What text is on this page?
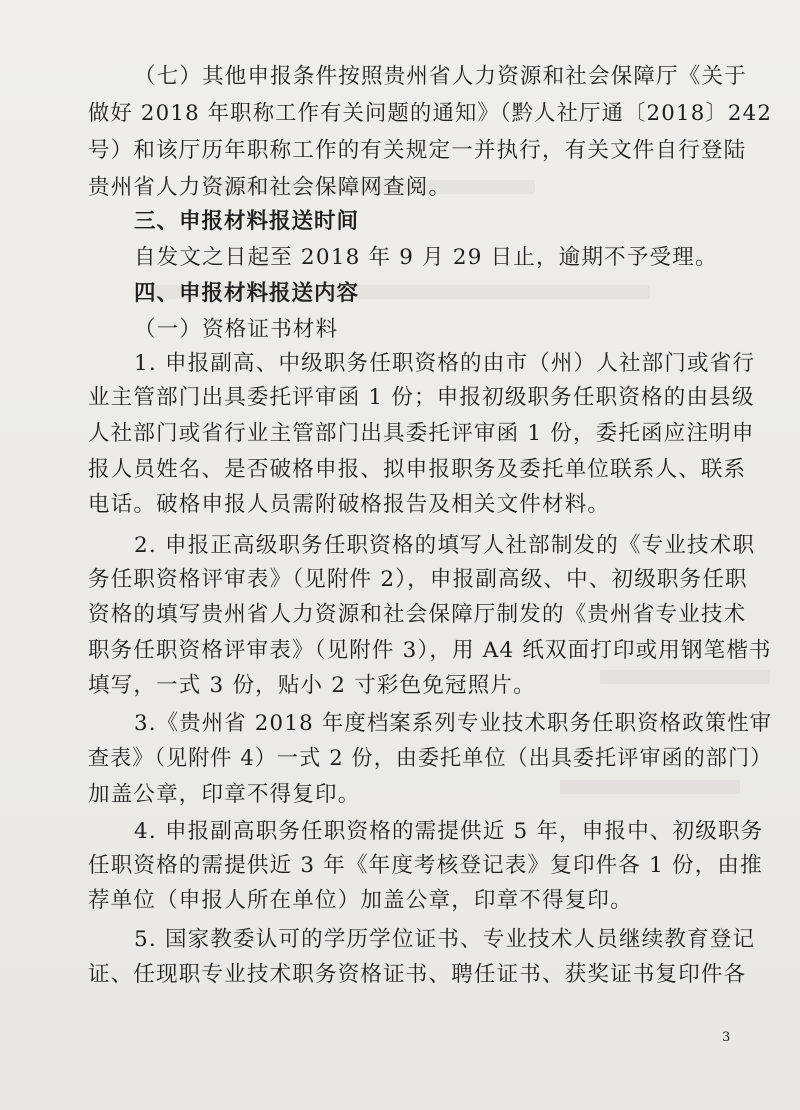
（七）其他申报条件按照贵州省人力资源和社会保障厅《关于
做好 2018 年职称工作有关问题的通知》（黔人社厅通〔2018〕242
号）和该厅历年职称工作的有关规定一并执行，有关文件自行登陆
贵州省人力资源和社会保障网查阅。
三、申报材料报送时间
自发文之日起至 2018 年 9 月 29 日止，逾期不予受理。
四、申报材料报送内容
（一）资格证书材料
1. 申报副高、中级职务任职资格的由市（州）人社部门或省行
业主管部门出具委托评审函 1 份；申报初级职务任职资格的由县级
人社部门或省行业主管部门出具委托评审函 1 份，委托函应注明申
报人员姓名、是否破格申报、拟申报职务及委托单位联系人、联系
电话。破格申报人员需附破格报告及相关文件材料。
2. 申报正高级职务任职资格的填写人社部制发的《专业技术职
务任职资格评审表》（见附件 2），申报副高级、中、初级职务任职
资格的填写贵州省人力资源和社会保障厅制发的《贵州省专业技术
职务任职资格评审表》（见附件 3），用 A4 纸双面打印或用钢笔楷书
填写，一式 3 份，贴小 2 寸彩色免冠照片。
3.《贵州省 2018 年度档案系列专业技术职务任职资格政策性审
查表》（见附件 4）一式 2 份，由委托单位（出具委托评审函的部门）
加盖公章，印章不得复印。
4. 申报副高职务任职资格的需提供近 5 年，申报中、初级职务
任职资格的需提供近 3 年《年度考核登记表》复印件各 1 份，由推
荐单位（申报人所在单位）加盖公章，印章不得复印。
5. 国家教委认可的学历学位证书、专业技术人员继续教育登记
证、任现职专业技术职务资格证书、聘任证书、获奖证书复印件各
3
